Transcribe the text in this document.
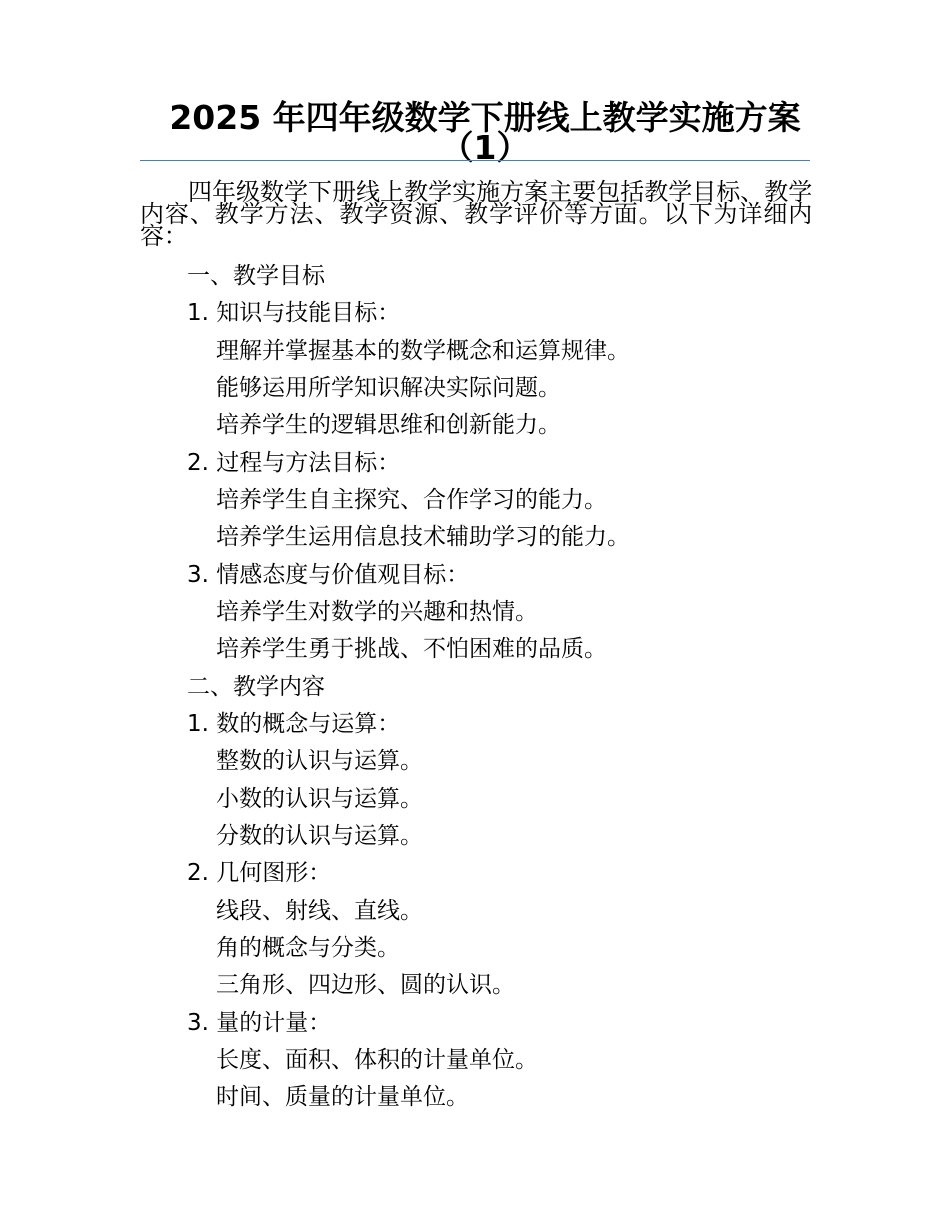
2025 年四年级数学下册线上教学实施方案（1）
四年级数学下册线上教学实施方案主要包括教学目标、教学内容、教学方法、教学资源、教学评价等方面。以下为详细内容：
一、教学目标
1. 知识与技能目标：
理解并掌握基本的数学概念和运算规律。
能够运用所学知识解决实际问题。
培养学生的逻辑思维和创新能力。
2. 过程与方法目标：
培养学生自主探究、合作学习的能力。
培养学生运用信息技术辅助学习的能力。
3. 情感态度与价值观目标：
培养学生对数学的兴趣和热情。
培养学生勇于挑战、不怕困难的品质。
二、教学内容
1. 数的概念与运算：
整数的认识与运算。
小数的认识与运算。
分数的认识与运算。
2. 几何图形：
线段、射线、直线。
角的概念与分类。
三角形、四边形、圆的认识。
3. 量的计量：
长度、面积、体积的计量单位。
时间、质量的计量单位。
